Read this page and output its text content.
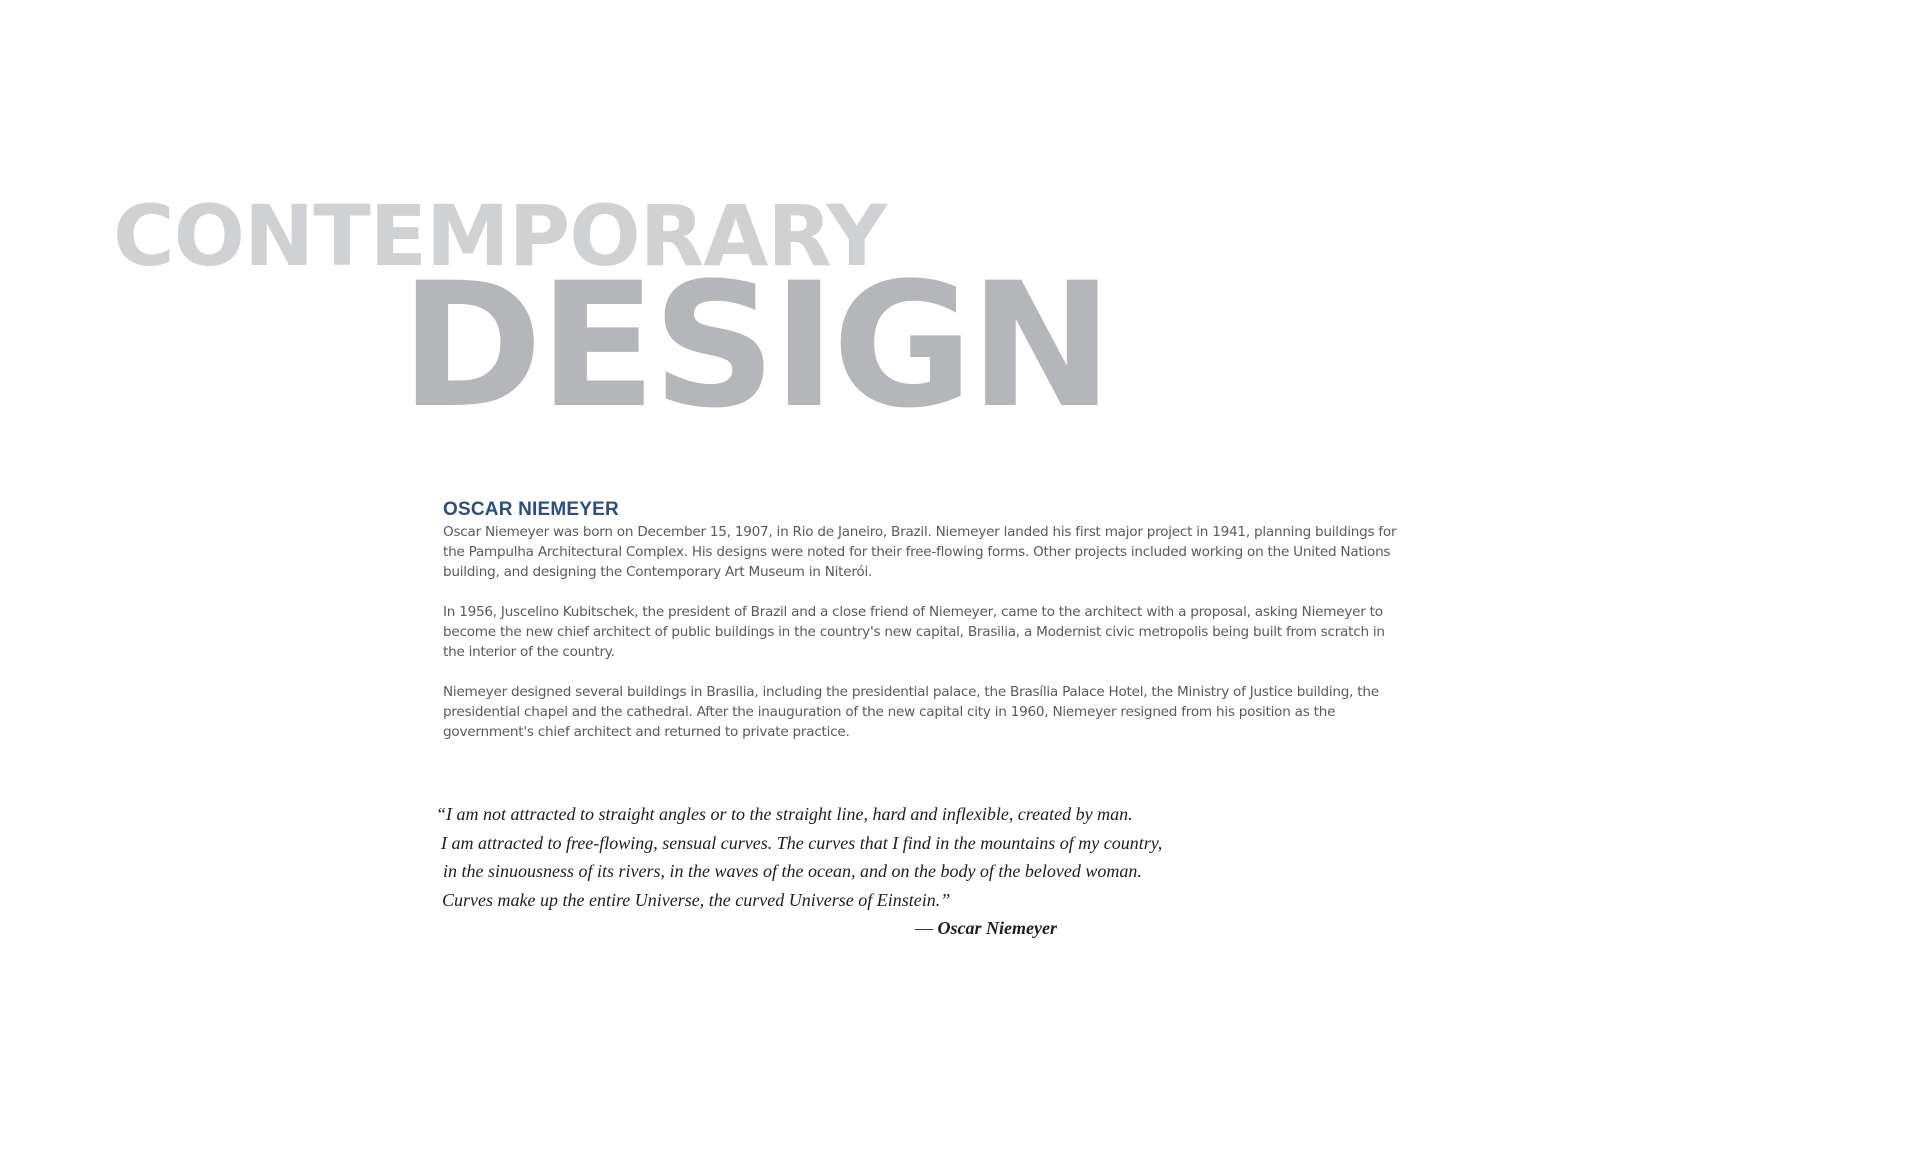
CONTEMPORARY
DESIGN
OSCAR NIEMEYER

Oscar Niemeyer was born on December 15, 1907, in Rio de Janeiro, Brazil. Niemeyer landed his first major project in 1941, planning buildings for the Pampulha Architectural Complex. His designs were noted for their free-flowing forms. Other projects included working on the United Nations building, and designing the Contemporary Art Museum in Niterói.

In 1956, Juscelino Kubitschek, the president of Brazil and a close friend of Niemeyer, came to the architect with a proposal, asking Niemeyer to become the new chief architect of public buildings in the country's new capital, Brasilia, a Modernist civic metropolis being built from scratch in the interior of the country.

Niemeyer designed several buildings in Brasilia, including the presidential palace, the Brasília Palace Hotel, the Ministry of Justice building, the presidential chapel and the cathedral. After the inauguration of the new capital city in 1960, Niemeyer resigned from his position as the government's chief architect and returned to private practice.

“I am not attracted to straight angles or to the straight line, hard and inflexible, created by man.
I am attracted to free-flowing, sensual curves. The curves that I find in the mountains of my country,
in the sinuousness of its rivers, in the waves of the ocean, and on the body of the beloved woman.
Curves make up the entire Universe, the curved Universe of Einstein.”
— Oscar Niemeyer
